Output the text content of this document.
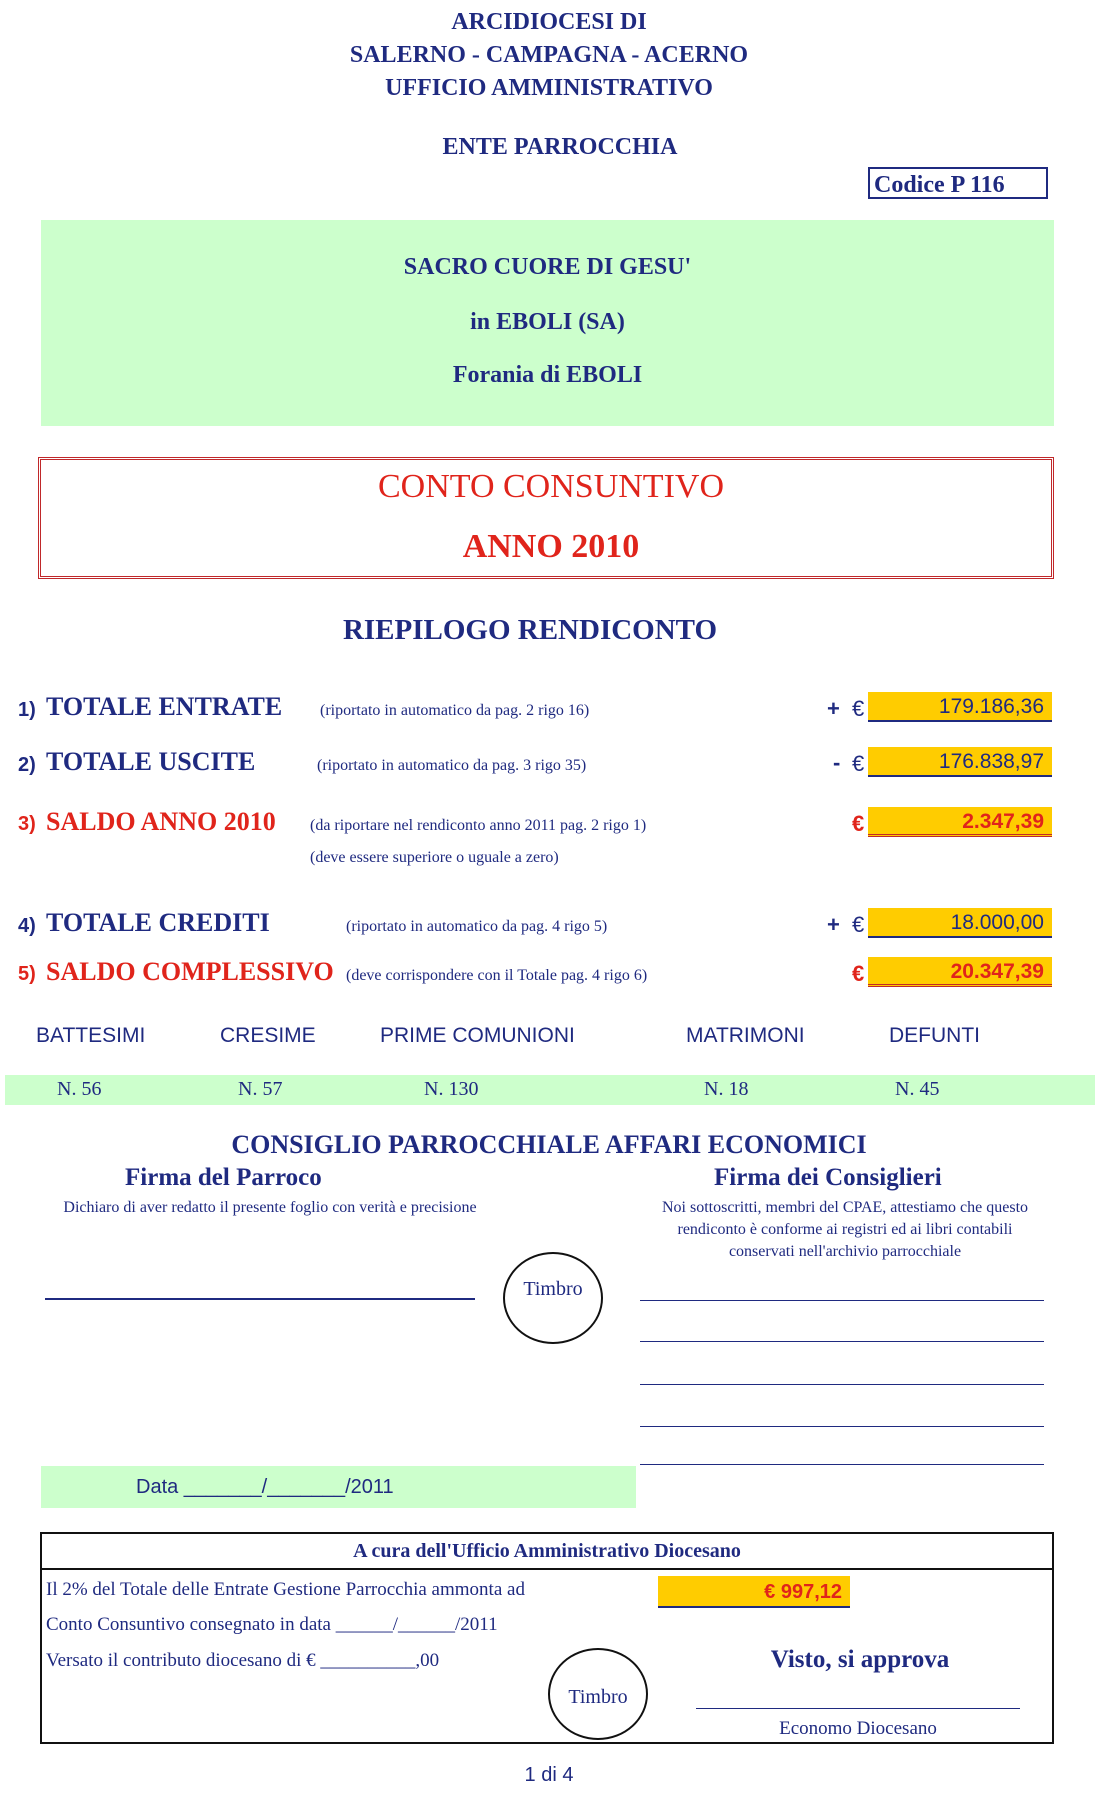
ARCIDIOCESI DI
SALERNO - CAMPAGNA - ACERNO
UFFICIO AMMINISTRATIVO
ENTE PARROCCHIA
Codice P 116
SACRO CUORE DI GESU'
in EBOLI (SA)
Forania di EBOLI
CONTO CONSUNTIVO
ANNO 2010
RIEPILOGO RENDICONTO
1) TOTALE ENTRATE (riportato in automatico da pag. 2 rigo 16)	+ €	179.186,36
2) TOTALE USCITE	(riportato in automatico da pag. 3 rigo 35)	- €	176.838,97
3) SALDO ANNO 2010 (da riportare nel rendiconto anno 2011 pag. 2 rigo 1)
(deve essere superiore o uguale a zero)
€	2.347,39
4) TOTALE CREDITI	(riportato in automatico da pag. 4 rigo 5)	+ €	18.000,00
5) SALDO COMPLESSIVO (deve corrispondere con il Totale pag. 4 rigo 6)	€	20.347,39
BATTESIMI	CRESIME	PRIME COMUNIONI	MATRIMONI	DEFUNTI
N. 56	N. 57	N. 130	N. 18	N. 45
CONSIGLIO PARROCCHIALE AFFARI ECONOMICI
Firma del Parroco
Dichiaro di aver redatto il presente foglio con verità e precisione
Firma dei Consiglieri
Noi sottoscritti, membri del CPAE, attestiamo che questo
rendiconto è conforme ai registri ed ai libri contabili
conservati nell'archivio parrocchiale
Timbro
Data _______/_______/2011
A cura dell'Ufficio Amministrativo Diocesano
Il 2% del Totale delle Entrate Gestione Parrocchia ammonta ad	€ 997,12
Conto Consuntivo consegnato in data ______/______/2011
Versato il contributo diocesano di € __________,00
Timbro
Visto, si approva
Economo Diocesano
1 di 4
